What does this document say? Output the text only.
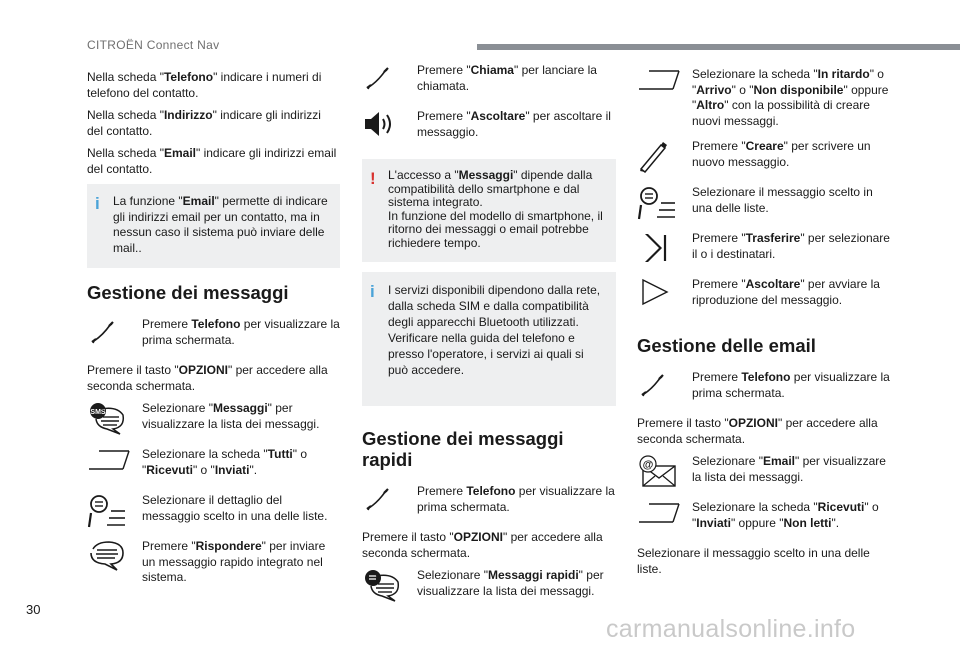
CITROËN Connect Nav

Nella scheda "Telefono" indicare i numeri di telefono del contatto.

Nella scheda "Indirizzo" indicare gli indirizzi del contatto.

Nella scheda "Email" indicare gli indirizzi email del contatto.

i	La funzione "Email" permette di indicare gli indirizzi email per un contatto, ma in nessun caso il sistema può inviare delle mail..
Gestione dei messaggi
Premere Telefono per visualizzare la prima schermata.

Premere il tasto "OPZIONI" per accedere alla seconda schermata.

SMS	Selezionare "Messaggi" per visualizzare la lista dei messaggi.
Selezionare la scheda "Tutti" o "Ricevuti" o "Inviati".
Selezionare il dettaglio del messaggio scelto in una delle liste.
Premere "Rispondere" per inviare un messaggio rapido integrato nel sistema.
Premere "Chiama" per lanciare la chiamata.
Premere "Ascoltare" per ascoltare il messaggio.
!	L'accesso a "Messaggi" dipende dalla compatibilità dello smartphone e dal sistema integrato.
In funzione del modello di smartphone, il ritorno dei messaggi o email potrebbe richiedere tempo.
i	I servizi disponibili dipendono dalla rete, dalla scheda SIM e dalla compatibilità degli apparecchi Bluetooth utilizzati. Verificare nella guida del telefono e presso l'operatore, i servizi ai quali si può accedere.
Gestione dei messaggi rapidi
Premere Telefono per visualizzare la prima schermata.

Premere il tasto "OPZIONI" per accedere alla seconda schermata.

Selezionare "Messaggi rapidi" per visualizzare la lista dei messaggi.
Selezionare la scheda "In ritardo" o "Arrivo" o "Non disponibile" oppure "Altro" con la possibilità di creare nuovi messaggi.
Premere "Creare" per scrivere un nuovo messaggio.
Selezionare il messaggio scelto in una delle liste.
Premere "Trasferire" per selezionare il o i destinatari.
Premere "Ascoltare" per avviare la riproduzione del messaggio.
Gestione delle email
Premere Telefono per visualizzare la prima schermata.

Premere il tasto "OPZIONI" per accedere alla seconda schermata.

@	Selezionare "Email" per visualizzare la lista dei messaggi.
Selezionare la scheda "Ricevuti" o "Inviati" oppure "Non letti".

Selezionare il messaggio scelto in una delle liste.

30
carmanualsonline.info
